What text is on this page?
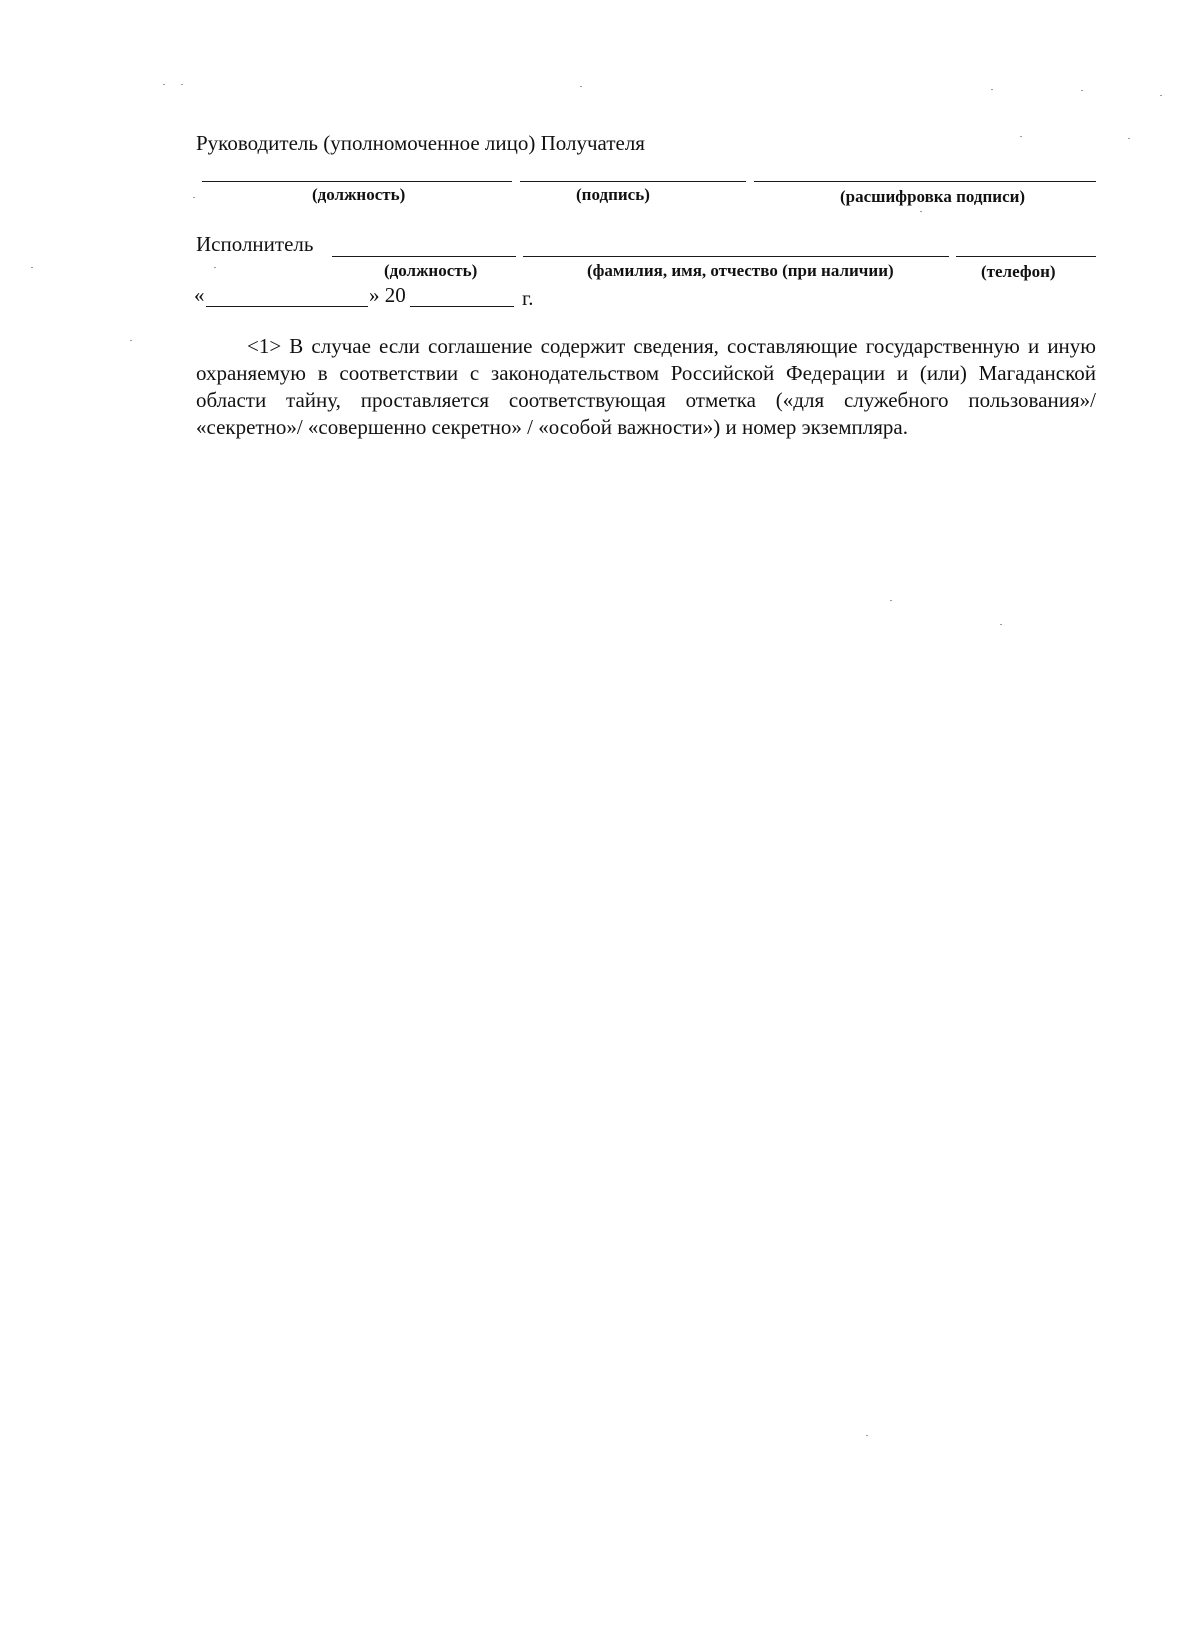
Руководитель (уполномоченное лицо) Получателя
(должность)	(подпись)	(расшифровка подписи)
Исполнитель
(должность)	(фамилия, имя, отчество (при наличии)	(телефон)
«	» 20	г.
<1> В случае если соглашение содержит сведения, составляющие государственную и иную охраняемую в соответствии с законодательством Российской Федерации и (или) Магаданской области тайну, проставляется соответствующая отметка («для служебного пользования»/ «секретно»/ «совершенно секретно» / «особой важности») и номер экземпляра.
